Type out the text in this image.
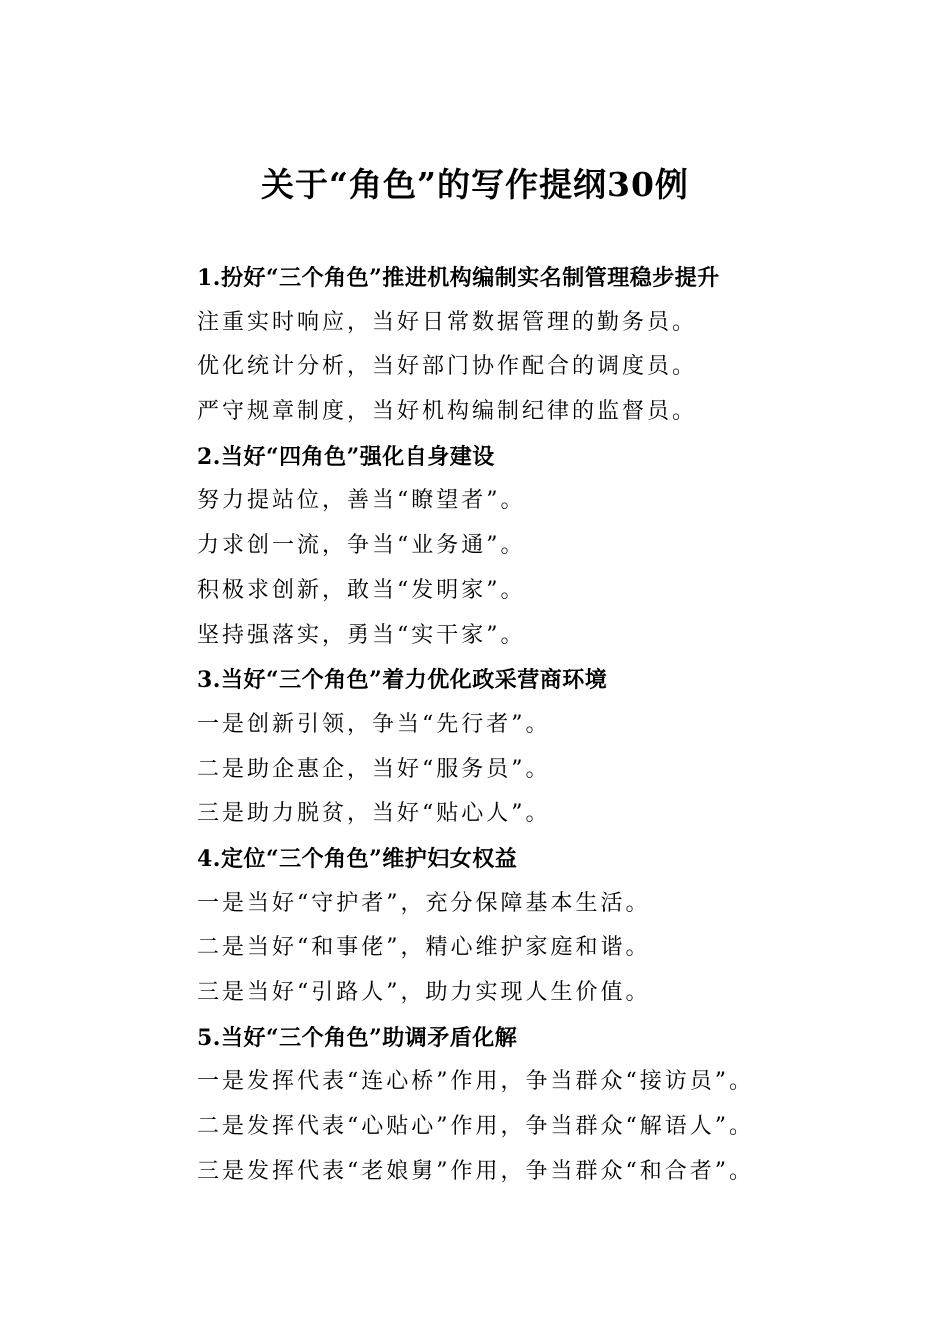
关于“角色”的写作提纲30例
1.扮好“三个角色”推进机构编制实名制管理稳步提升
注重实时响应，当好日常数据管理的勤务员。
优化统计分析，当好部门协作配合的调度员。
严守规章制度，当好机构编制纪律的监督员。
2.当好“四角色”强化自身建设
努力提站位，善当“瞭望者”。
力求创一流，争当“业务通”。
积极求创新，敢当“发明家”。
坚持强落实，勇当“实干家”。
3.当好“三个角色”着力优化政采营商环境
一是创新引领，争当“先行者”。
二是助企惠企，当好“服务员”。
三是助力脱贫，当好“贴心人”。
4.定位“三个角色”维护妇女权益
一是当好“守护者”，充分保障基本生活。
二是当好“和事佬”，精心维护家庭和谐。
三是当好“引路人”，助力实现人生价值。
5.当好“三个角色”助调矛盾化解
一是发挥代表“连心桥”作用，争当群众“接访员”。
二是发挥代表“心贴心”作用，争当群众“解语人”。
三是发挥代表“老娘舅”作用，争当群众“和合者”。
